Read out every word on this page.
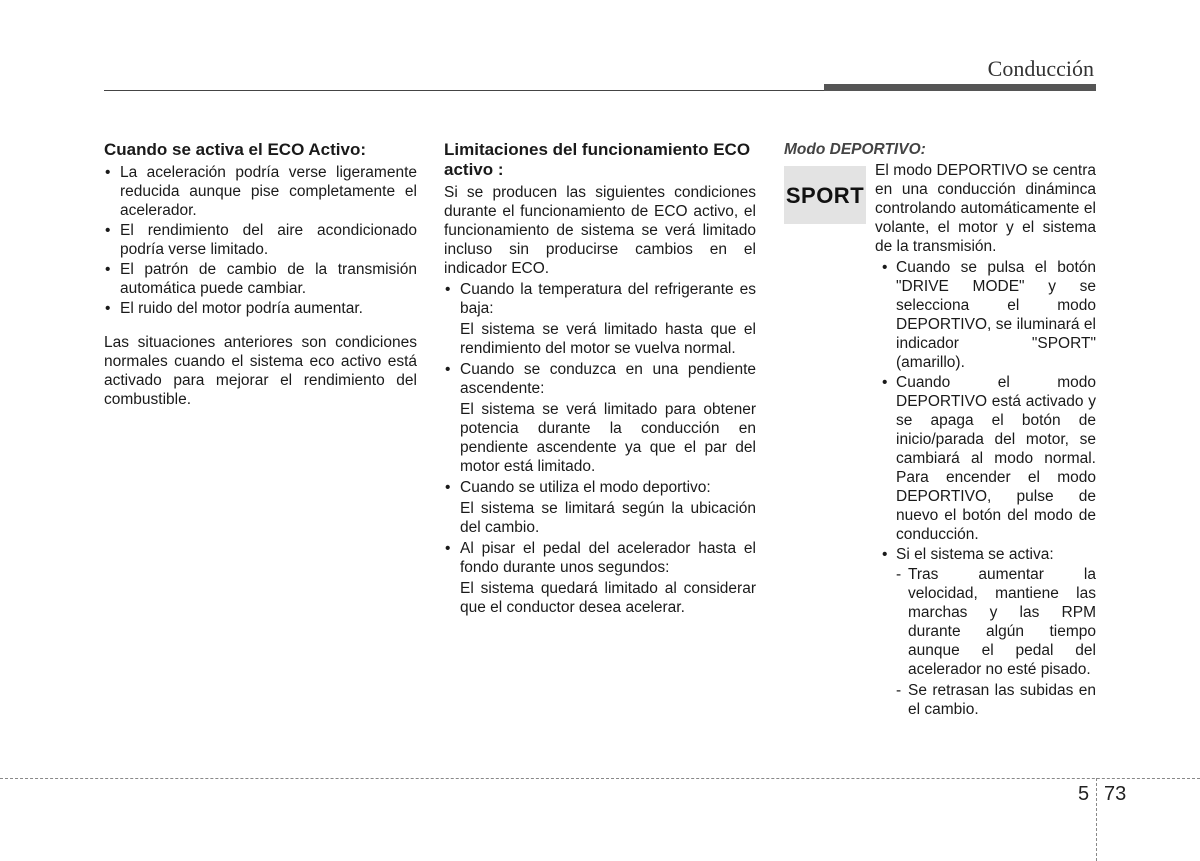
Conducción
Cuando se activa el ECO Activo:
• La aceleración podría verse ligeramente reducida aunque pise completamente el acelerador.
• El rendimiento del aire acondicionado podría verse limitado.
• El patrón de cambio de la transmisión automática puede cambiar.
• El ruido del motor podría aumentar.

Las situaciones anteriores son condiciones normales cuando el sistema eco activo está activado para mejorar el rendimiento del combustible.

Limitaciones del funcionamiento ECO activo :

Si se producen las siguientes condiciones durante el funcionamiento de ECO activo, el funcionamiento de sistema se verá limitado incluso sin producirse cambios en el indicador ECO.

• Cuando la temperatura del refrigerante es baja:
El sistema se verá limitado hasta que el rendimiento del motor se vuelva normal.
• Cuando se conduzca en una pendiente ascendente:
El sistema se verá limitado para obtener potencia durante la conducción en pendiente ascendente ya que el par del motor está limitado.
• Cuando se utiliza el modo deportivo:
El sistema se limitará según la ubicación del cambio.
• Al pisar el pedal del acelerador hasta el fondo durante unos segundos:
El sistema quedará limitado al considerar que el conductor desea acelerar.
Modo DEPORTIVO:
SPORT

El modo DEPORTIVO se centra en una conducción dináminca controlando automáticamente el volante, el motor y el sistema de la transmisión.

• Cuando se pulsa el botón "DRIVE MODE" y se selecciona el modo DEPORTIVO, se iluminará el indicador "SPORT" (amarillo).
• Cuando el modo DEPORTIVO está activado y se apaga el botón de inicio/parada del motor, se cambiará al modo normal. Para encender el modo DEPORTIVO, pulse de nuevo el botón del modo de conducción.
• Si el sistema se activa:
- Tras aumentar la velocidad, mantiene las marchas y las RPM durante algún tiempo aunque el pedal del acelerador no esté pisado.
- Se retrasan las subidas en el cambio.
5 73
